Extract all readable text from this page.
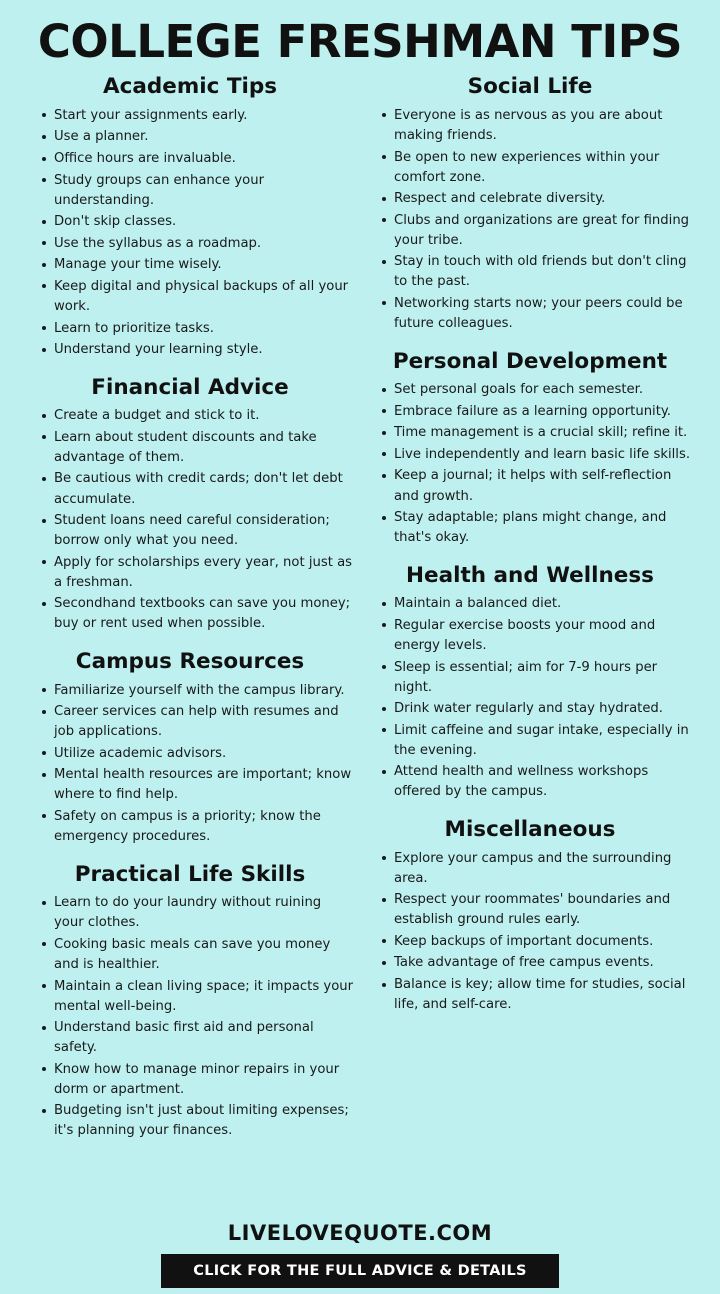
COLLEGE FRESHMAN TIPS
Academic Tips
Start your assignments early.
Use a planner.
Office hours are invaluable.
Study groups can enhance your understanding.
Don't skip classes.
Use the syllabus as a roadmap.
Manage your time wisely.
Keep digital and physical backups of all your work.
Learn to prioritize tasks.
Understand your learning style.
Financial Advice
Create a budget and stick to it.
Learn about student discounts and take advantage of them.
Be cautious with credit cards; don't let debt accumulate.
Student loans need careful consideration; borrow only what you need.
Apply for scholarships every year, not just as a freshman.
Secondhand textbooks can save you money; buy or rent used when possible.
Campus Resources
Familiarize yourself with the campus library.
Career services can help with resumes and job applications.
Utilize academic advisors.
Mental health resources are important; know where to find help.
Safety on campus is a priority; know the emergency procedures.
Practical Life Skills
Learn to do your laundry without ruining your clothes.
Cooking basic meals can save you money and is healthier.
Maintain a clean living space; it impacts your mental well-being.
Understand basic first aid and personal safety.
Know how to manage minor repairs in your dorm or apartment.
Budgeting isn't just about limiting expenses; it's planning your finances.
Social Life
Everyone is as nervous as you are about making friends.
Be open to new experiences within your comfort zone.
Respect and celebrate diversity.
Clubs and organizations are great for finding your tribe.
Stay in touch with old friends but don't cling to the past.
Networking starts now; your peers could be future colleagues.
Personal Development
Set personal goals for each semester.
Embrace failure as a learning opportunity.
Time management is a crucial skill; refine it.
Live independently and learn basic life skills.
Keep a journal; it helps with self-reflection and growth.
Stay adaptable; plans might change, and that's okay.
Health and Wellness
Maintain a balanced diet.
Regular exercise boosts your mood and energy levels.
Sleep is essential; aim for 7-9 hours per night.
Drink water regularly and stay hydrated.
Limit caffeine and sugar intake, especially in the evening.
Attend health and wellness workshops offered by the campus.
Miscellaneous
Explore your campus and the surrounding area.
Respect your roommates' boundaries and establish ground rules early.
Keep backups of important documents.
Take advantage of free campus events.
Balance is key; allow time for studies, social life, and self-care.
LIVELOVEQUOTE.COM
CLICK FOR THE FULL ADVICE & DETAILS
